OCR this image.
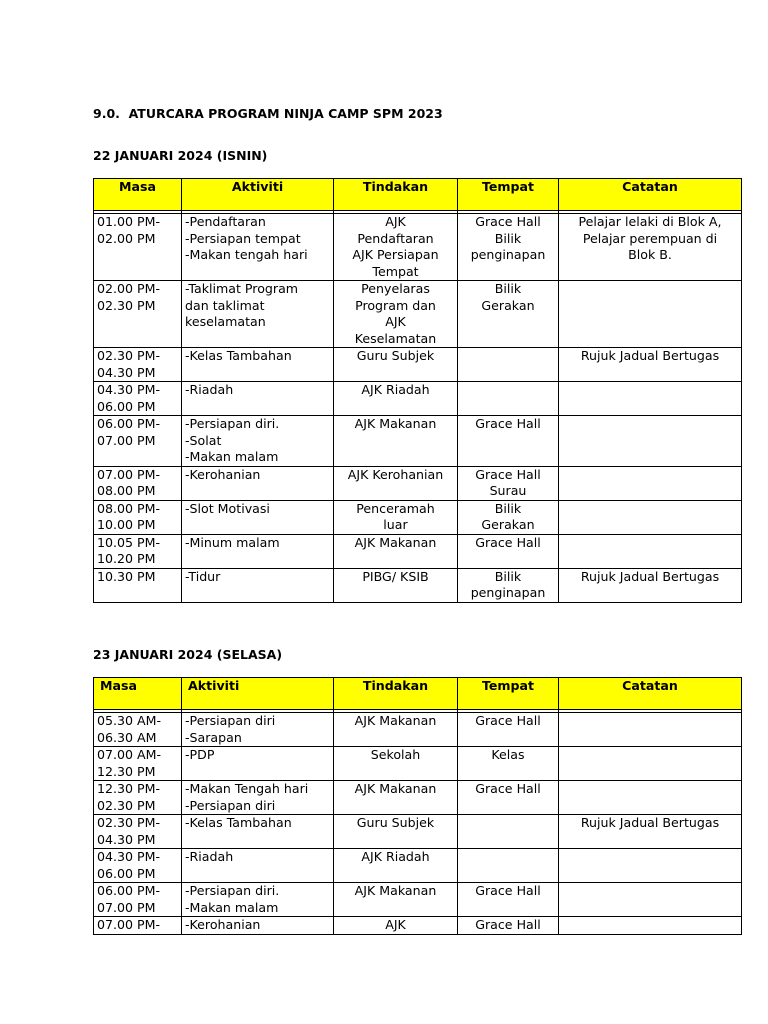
9.0.  ATURCARA PROGRAM NINJA CAMP SPM 2023
22 JANUARI 2024 (ISNIN)
Masa	Aktiviti	Tindakan	Tempat	Catatan

01.00 PM-
02.00 PM	-Pendaftaran
-Persiapan tempat
-Makan tengah hari	AJK
Pendaftaran
AJK Persiapan
Tempat	Grace Hall
Bilik
penginapan	Pelajar lelaki di Blok A,
Pelajar perempuan di
Blok B.

02.00 PM-
02.30 PM	-Taklimat Program
dan taklimat
keselamatan	Penyelaras
Program dan
AJK
Keselamatan	Bilik
Gerakan	

02.30 PM-
04.30 PM	-Kelas Tambahan	Guru Subjek		Rujuk Jadual Bertugas

04.30 PM-
06.00 PM	-Riadah	AJK Riadah		

06.00 PM-
07.00 PM	-Persiapan diri.
-Solat
-Makan malam	AJK Makanan	Grace Hall	

07.00 PM-
08.00 PM	-Kerohanian	AJK Kerohanian	Grace Hall
Surau	

08.00 PM-
10.00 PM	-Slot Motivasi	Penceramah
luar	Bilik
Gerakan	

10.05 PM-
10.20 PM	-Minum malam	AJK Makanan	Grace Hall	
10.30 PM	-Tidur	PIBG/ KSIB	Bilik
penginapan	Rujuk Jadual Bertugas
23 JANUARI 2024 (SELASA)
Masa	Aktiviti	Tindakan	Tempat	Catatan

05.30 AM-
06.30 AM	-Persiapan diri
-Sarapan	AJK Makanan	Grace Hall	

07.00 AM-
12.30 PM	-PDP	Sekolah	Kelas	

12.30 PM-
02.30 PM	-Makan Tengah hari
-Persiapan diri	AJK Makanan	Grace Hall	

02.30 PM-
04.30 PM	-Kelas Tambahan	Guru Subjek		Rujuk Jadual Bertugas

04.30 PM-
06.00 PM	-Riadah	AJK Riadah		

06.00 PM-
07.00 PM	-Persiapan diri.
-Makan malam	AJK Makanan	Grace Hall	
07.00 PM-	-Kerohanian	AJK	Grace Hall	
